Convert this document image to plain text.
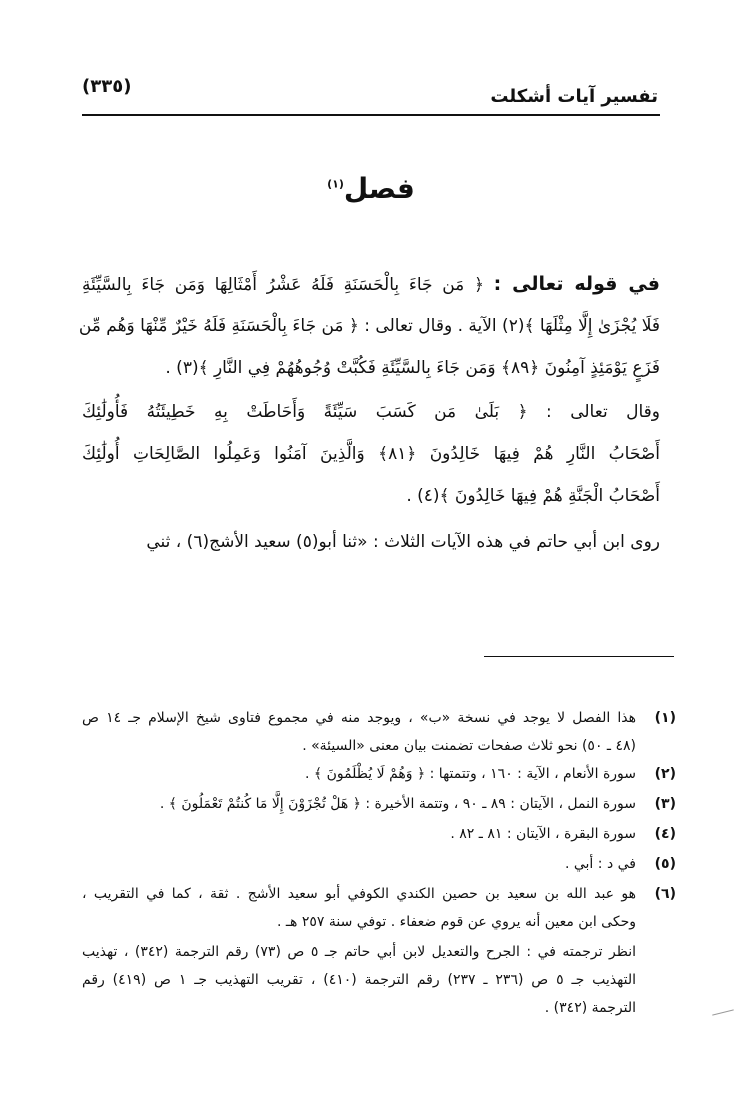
تفسير آيات أشكلت
(٣٣٥)
فصل$^{(١)}$
في قوله تعالى : ﴿ مَن جَاءَ بِالْحَسَنَةِ فَلَهُ عَشْرُ أَمْثَالِهَا وَمَن جَاءَ بِالسَّيِّئَةِ
فَلَا يُجْزَىٰ إِلَّا مِثْلَهَا ﴾(٢) الآية . وقال تعالى : ﴿ مَن جَاءَ بِالْحَسَنَةِ فَلَهُ خَيْرٌ مِّنْهَا وَهُم مِّن
فَزَعٍ يَوْمَئِذٍ آمِنُونَ ﴿٨٩﴾ وَمَن جَاءَ بِالسَّيِّئَةِ فَكُبَّتْ وُجُوهُهُمْ فِي النَّارِ ﴾(٣) .
وقال تعالى : ﴿ بَلَىٰ مَن كَسَبَ سَيِّئَةً وَأَحَاطَتْ بِهِ خَطِيئَتُهُ فَأُولَٰئِكَ
أَصْحَابُ النَّارِ هُمْ فِيهَا خَالِدُونَ ﴿٨١﴾ وَالَّذِينَ آمَنُوا وَعَمِلُوا الصَّالِحَاتِ أُولَٰئِكَ
أَصْحَابُ الْجَنَّةِ هُمْ فِيهَا خَالِدُونَ ﴾(٤) .
روى ابن أبي حاتم في هذه الآيات الثلاث : «ثنا أبو(٥) سعيد الأشج(٦) ، ثني
(١)
هذا الفصل لا يوجد في نسخة «ب» ، ويوجد منه في مجموع فتاوى شيخ الإسلام جـ ١٤ ص
(٤٨ ـ ٥٠) نحو ثلاث صفحات تضمنت بيان معنى «السيئة» .
(٢)
سورة الأنعام ، الآية : ١٦٠ ، وتتمتها : ﴿ وَهُمْ لَا يُظْلَمُونَ ﴾ .
(٣)
سورة النمل ، الآيتان : ٨٩ ـ ٩٠ ، وتتمة الأخيرة : ﴿ هَلْ تُجْزَوْنَ إِلَّا مَا كُنتُمْ تَعْمَلُونَ ﴾ .
(٤)
سورة البقرة ، الآيتان : ٨١ ـ ٨٢ .
(٥)
في د : أبي .
(٦)
هو عبد الله بن سعيد بن حصين الكندي الكوفي أبو سعيد الأشج . ثقة ، كما في التقريب ،
وحكى ابن معين أنه يروي عن قوم ضعفاء . توفي سنة ٢٥٧ هـ .
انظر ترجمته في : الجرح والتعديل لابن أبي حاتم جـ ٥ ص (٧٣) رقم الترجمة (٣٤٢) ، تهذيب
التهذيب جـ ٥ ص (٢٣٦ ـ ٢٣٧) رقم الترجمة (٤١٠) ، تقريب التهذيب جـ ١ ص (٤١٩) رقم
الترجمة (٣٤٢) .
